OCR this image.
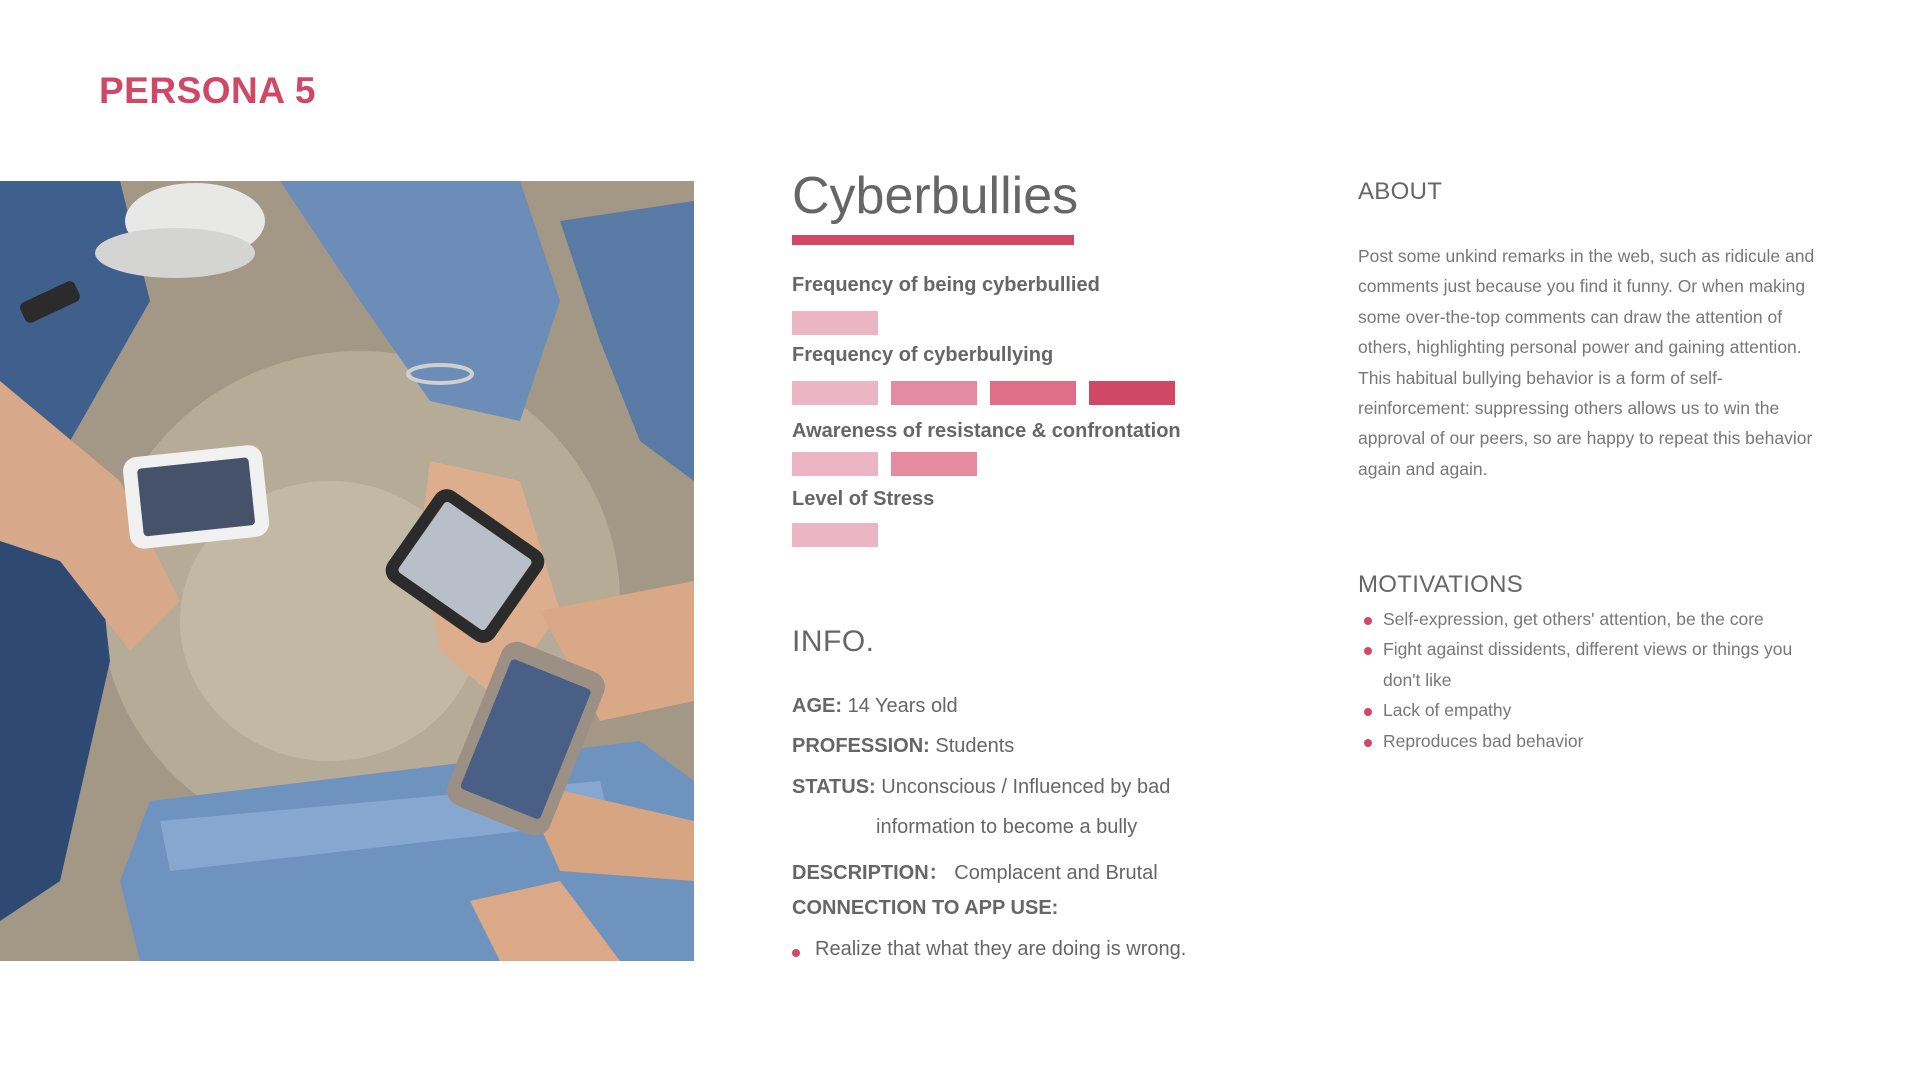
PERSONA 5
Cyberbullies
Frequency of being cyberbullied
Frequency of cyberbullying
Awareness of resistance & confrontation
Level of Stress
INFO.
AGE: 14 Years old
PROFESSION: Students
STATUS: Unconscious / Influenced by bad
information to become a bully
DESCRIPTION： Complacent and Brutal
CONNECTION TO APP USE:
Realize that what they are doing is wrong.
ABOUT

Post some unkind remarks in the web, such as ridicule and comments just because you find it funny. Or when making some over-the-top comments can draw the attention of others, highlighting personal power and gaining attention. This habitual bullying behavior is a form of self-reinforcement: suppressing others allows us to win the approval of our peers, so are happy to repeat this behavior again and again.

MOTIVATIONS
Self-expression, get others' attention, be the core
Fight against dissidents, different views or things you don't like
Lack of empathy
Reproduces bad behavior
